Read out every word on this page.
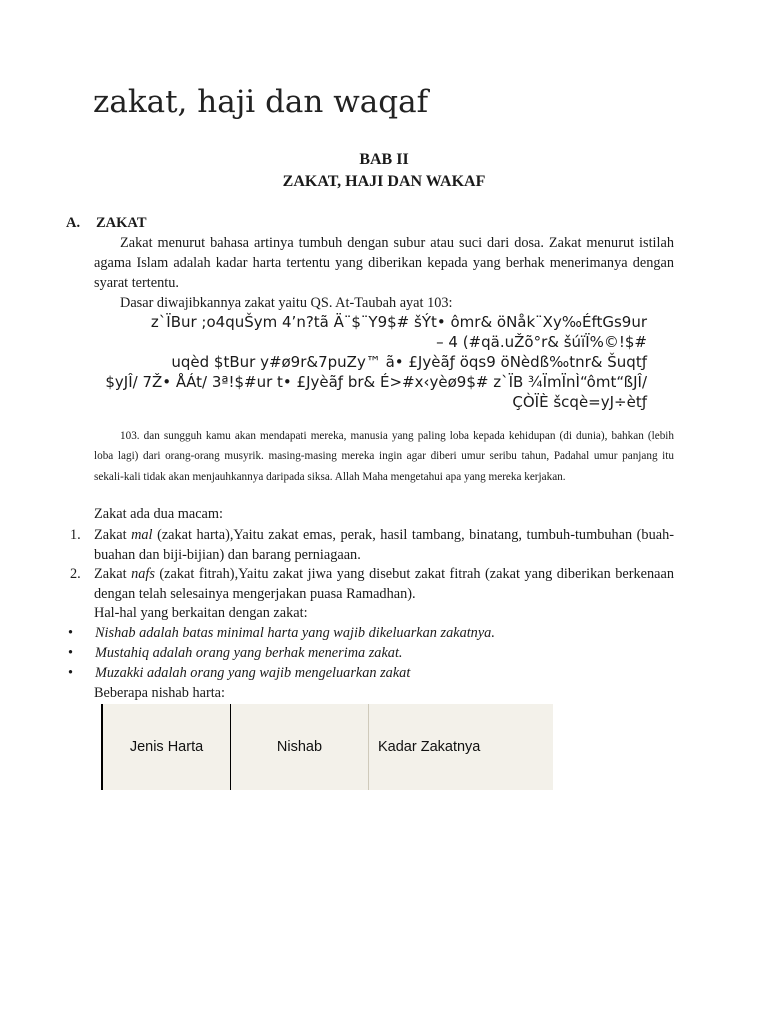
zakat, haji dan waqaf

BAB II

ZAKAT, HAJI DAN WAKAF

A. ZAKAT

Zakat menurut bahasa artinya tumbuh dengan subur atau suci dari dosa. Zakat menurut istilah agama Islam adalah kadar harta tertentu yang diberikan kepada yang berhak menerimanya dengan syarat tertentu.

Dasar diwajibkannya zakat yaitu QS. At-Taubah ayat 103:

z`ÏBur ;o4quŠym 4’n?tã Ä¨$¨Y9$# šÝt• ômr& öNåk¨Xy‰ÉftGs9ur
– 4 (#qä.uŽõ°r& šúïÏ%©!$#
uqèd $tBur y#ø9r&7puZy™ ã• £Jyèãƒ öqs9 öNèdß‰tnr& Šuqtƒ
$yJÎ/ 7Ž• ÅÁt/ 3ª!$#ur t• £Jyèãƒ br& É>#x‹yèø9$# z`ÏB ¾ÏmÏnÌ“ômt“ßJÎ/
ÇÒÏÈ šcqè=yJ÷ètƒ

103. dan sungguh kamu akan mendapati mereka, manusia yang paling loba kepada kehidupan (di dunia), bahkan (lebih loba lagi) dari orang-orang musyrik. masing-masing mereka ingin agar diberi umur seribu tahun, Padahal umur panjang itu sekali-kali tidak akan menjauhkannya daripada siksa. Allah Maha mengetahui apa yang mereka kerjakan.

Zakat ada dua macam:
1. Zakat mal (zakat harta),Yaitu zakat emas, perak, hasil tambang, binatang, tumbuh-tumbuhan (buah-buahan dan biji-bijian) dan barang perniagaan.
2. Zakat nafs (zakat fitrah),Yaitu zakat jiwa yang disebut zakat fitrah (zakat yang diberikan berkenaan dengan telah selesainya mengerjakan puasa Ramadhan).
Hal-hal yang berkaitan dengan zakat:
• Nishab adalah batas minimal harta yang wajib dikeluarkan zakatnya.
• Mustahiq adalah orang yang berhak menerima zakat.
• Muzakki adalah orang yang wajib mengeluarkan zakat
Beberapa nishab harta:
Jenis Harta	Nishab	Kadar Zakatnya
